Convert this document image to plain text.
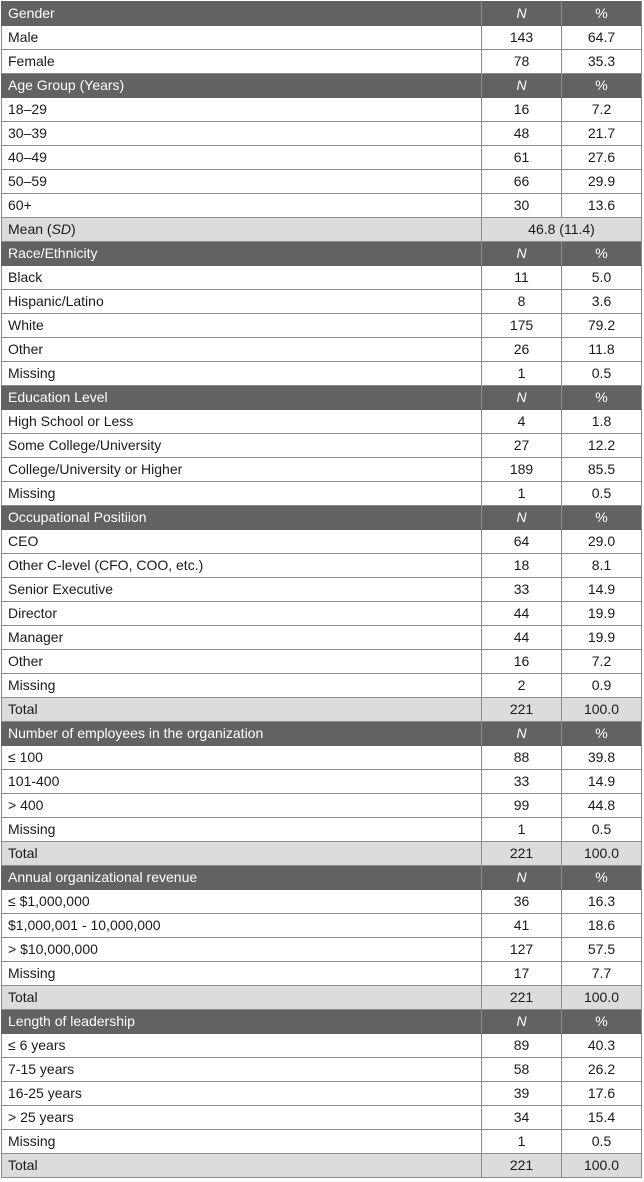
Gender	N	%
Male	143	64.7
Female	78	35.3
Age Group (Years)	N	%
18–29	16	7.2
30–39	48	21.7
40–49	61	27.6
50–59	66	29.9
60+	30	13.6
Mean (SD)	46.8 (11.4)	
Race/Ethnicity	N	%
Black	11	5.0
Hispanic/Latino	8	3.6
White	175	79.2
Other	26	11.8
Missing	1	0.5
Education Level	N	%
High School or Less	4	1.8
Some College/University	27	12.2
College/University or Higher	189	85.5
Missing	1	0.5
Occupational Positiion	N	%
CEO	64	29.0
Other C-level (CFO, COO, etc.)	18	8.1
Senior Executive	33	14.9
Director	44	19.9
Manager	44	19.9
Other	16	7.2
Missing	2	0.9
Total	221	100.0
Number of employees in the organization	N	%
≤ 100	88	39.8
101-400	33	14.9
> 400	99	44.8
Missing	1	0.5
Total	221	100.0
Annual organizational revenue	N	%
≤ $1,000,000	36	16.3
$1,000,001 - 10,000,000	41	18.6
> $10,000,000	127	57.5
Missing	17	7.7
Total	221	100.0
Length of leadership	N	%
≤ 6 years	89	40.3
7-15 years	58	26.2
16-25 years	39	17.6
> 25 years	34	15.4
Missing	1	0.5
Total	221	100.0
